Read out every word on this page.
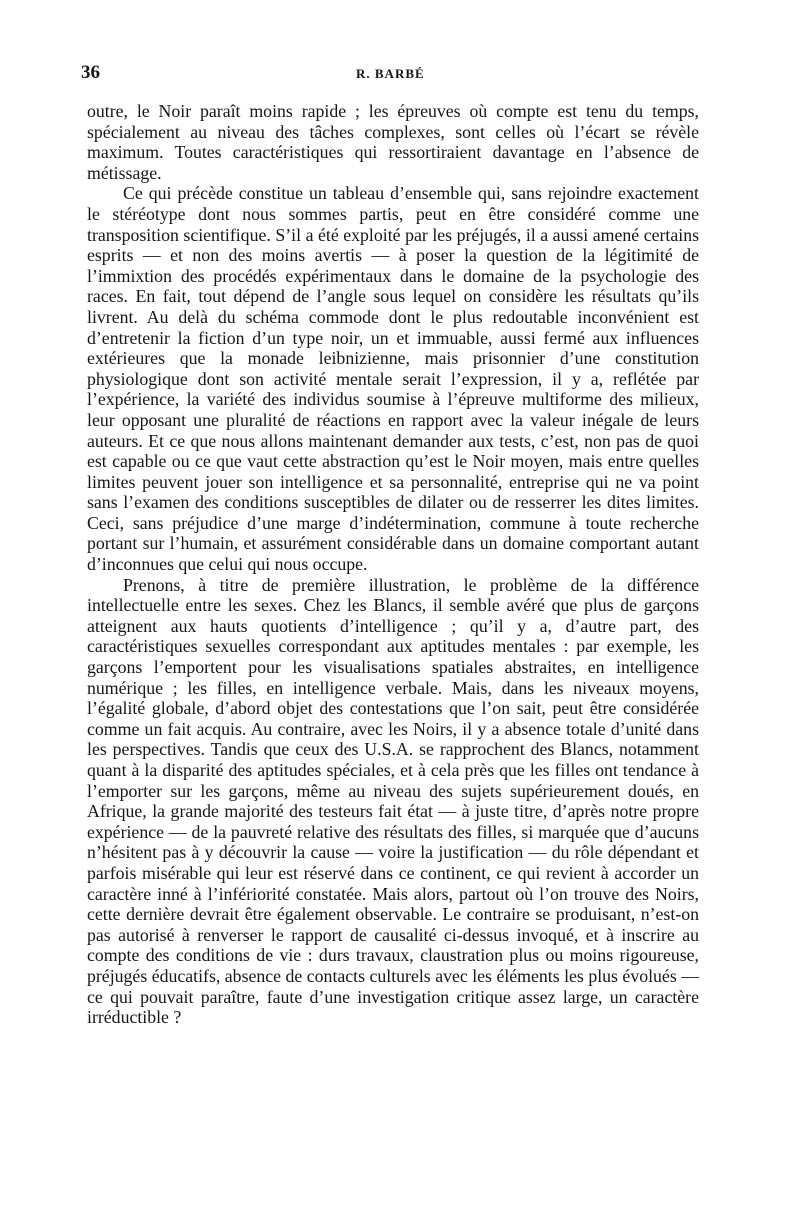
36	R. BARBÉ

outre, le Noir paraît moins rapide ; les épreuves où compte est tenu du temps, spécialement au niveau des tâches complexes, sont celles où l’écart se révèle maximum. Toutes caractéristiques qui ressortiraient davantage en l’absence de métissage.

Ce qui précède constitue un tableau d’ensemble qui, sans rejoindre exactement le stéréotype dont nous sommes partis, peut en être considéré comme une transposition scientifique. S’il a été exploité par les préjugés, il a aussi amené certains esprits — et non des moins avertis — à poser la question de la légitimité de l’immixtion des procédés expérimentaux dans le domaine de la psychologie des races. En fait, tout dépend de l’angle sous lequel on considère les résultats qu’ils livrent. Au delà du schéma commode dont le plus redoutable inconvénient est d’entretenir la fiction d’un type noir, un et immuable, aussi fermé aux influences extérieures que la monade leibnizienne, mais prisonnier d’une constitution physiologique dont son activité mentale serait l’expression, il y a, reflétée par l’expérience, la variété des individus soumise à l’épreuve multiforme des milieux, leur opposant une pluralité de réactions en rapport avec la valeur inégale de leurs auteurs. Et ce que nous allons maintenant demander aux tests, c’est, non pas de quoi est capable ou ce que vaut cette abstraction qu’est le Noir moyen, mais entre quelles limites peuvent jouer son intelligence et sa personnalité, entreprise qui ne va point sans l’examen des conditions susceptibles de dilater ou de resserrer les dites limites. Ceci, sans préjudice d’une marge d’indétermination, commune à toute recherche portant sur l’humain, et assurément considérable dans un domaine comportant autant d’inconnues que celui qui nous occupe.

Prenons, à titre de première illustration, le problème de la différence intellectuelle entre les sexes. Chez les Blancs, il semble avéré que plus de garçons atteignent aux hauts quotients d’intelligence ; qu’il y a, d’autre part, des caractéristiques sexuelles correspondant aux aptitudes mentales : par exemple, les garçons l’emportent pour les visualisations spatiales abstraites, en intelligence numérique ; les filles, en intelligence verbale. Mais, dans les niveaux moyens, l’égalité globale, d’abord objet des contestations que l’on sait, peut être considérée comme un fait acquis. Au contraire, avec les Noirs, il y a absence totale d’unité dans les perspectives. Tandis que ceux des U.S.A. se rapprochent des Blancs, notamment quant à la disparité des aptitudes spéciales, et à cela près que les filles ont tendance à l’emporter sur les garçons, même au niveau des sujets supérieurement doués, en Afrique, la grande majorité des testeurs fait état — à juste titre, d’après notre propre expérience — de la pauvreté relative des résultats des filles, si marquée que d’aucuns n’hésitent pas à y découvrir la cause — voire la justification — du rôle dépendant et parfois misérable qui leur est réservé dans ce continent, ce qui revient à accorder un caractère inné à l’infériorité constatée. Mais alors, partout où l’on trouve des Noirs, cette dernière devrait être également observable. Le contraire se produisant, n’est-on pas autorisé à renverser le rapport de causalité ci-dessus invoqué, et à inscrire au compte des conditions de vie : durs travaux, claustration plus ou moins rigoureuse, préjugés éducatifs, absence de contacts culturels avec les éléments les plus évolués — ce qui pouvait paraître, faute d’une investigation critique assez large, un caractère irréductible ?
